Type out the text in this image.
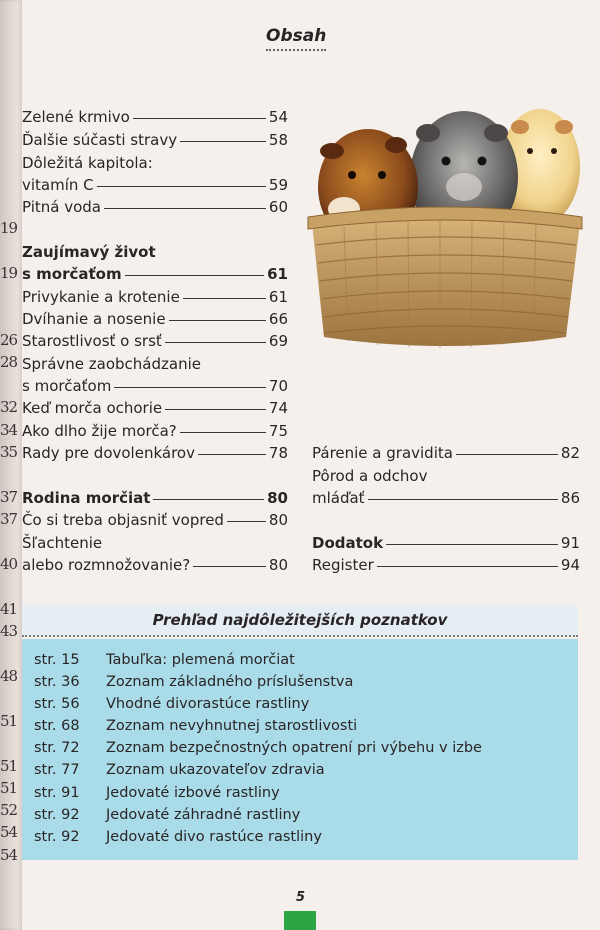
19
19
26
28
32
34
35
37
37
40
41
43
48
51
51
51
52
54
54
Obsah
Zelené krmivo	54
Ďalšie súčasti stravy	58
Dôležitá kapitola:
vitamín C	59
Pitná voda	60
Zaujímavý život
s morčaťom	61
Privykanie a krotenie	61
Dvíhanie a nosenie	66
Starostlivosť o srsť	69
Správne zaobchádzanie
s morčaťom	70
Keď morča ochorie	74
Ako dlho žije morča?	75
Rady pre dovolenkárov	78
Rodina morčiat	80
Čo si treba objasniť vopred	80
Šľachtenie
alebo rozmnožovanie?	80
Párenie a gravidita	82
Pôrod a odchov
mláďať	86
Dodatok	91
Register	94
Prehľad najdôležitejších poznatkov
str. 15 Tabuľka: plemená morčiat
str. 36 Zoznam základného príslušenstva
str. 56 Vhodné divorastúce rastliny
str. 68 Zoznam nevyhnutnej starostlivosti
str. 72 Zoznam bezpečnostných opatrení pri výbehu v izbe
str. 77 Zoznam ukazovateľov zdravia
str. 91 Jedovaté izbové rastliny
str. 92 Jedovaté záhradné rastliny
str. 92 Jedovaté divo rastúce rastliny
5
